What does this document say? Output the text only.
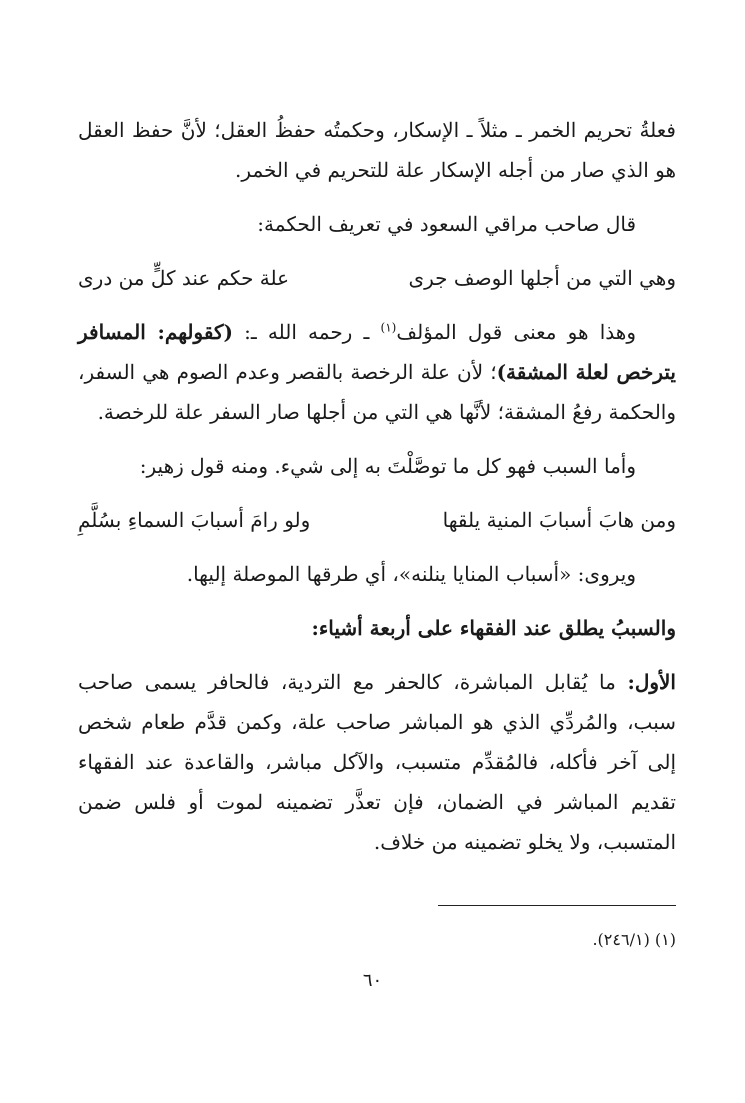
فعلةُ تحريم الخمر ـ مثلاً ـ الإسكار، وحكمتُه حفظُ العقل؛ لأنَّ حفظ العقل هو الذي صار من أجله الإسكار علة للتحريم في الخمر.

قال صاحب مراقي السعود في تعريف الحكمة:

وهي التي من أجلها الوصف جرى
علة حكم عند كلٍّ من درى

وهذا هو معنى قول المؤلف$^{(١)}$ ـ رحمه الله ـ: (كقولهم: المسافر يترخص لعلة المشقة)؛ لأن علة الرخصة بالقصر وعدم الصوم هي السفر، والحكمة رفعُ المشقة؛ لأنَّها هي التي من أجلها صار السفر علة للرخصة.

وأما السبب فهو كل ما توصَّلْتَ به إلى شيء. ومنه قول زهير:

ومن هابَ أسبابَ المنية يلقها
ولو رامَ أسبابَ السماءِ بسُلَّمِ

ويروى: «أسباب المنايا ينلنه»، أي طرقها الموصلة إليها.

والسببُ يطلق عند الفقهاء على أربعة أشياء:

الأول: ما يُقابل المباشرة، كالحفر مع التردية، فالحافر يسمى صاحب سبب، والمُردِّي الذي هو المباشر صاحب علة، وكمن قدَّم طعام شخص إلى آخر فأكله، فالمُقدِّم متسبب، والآكل مباشر، والقاعدة عند الفقهاء تقديم المباشر في الضمان، فإن تعذَّر تضمينه لموت أو فلس ضمن المتسبب، ولا يخلو تضمينه من خلاف.

(١) (٢٤٦/١).
٦٠
